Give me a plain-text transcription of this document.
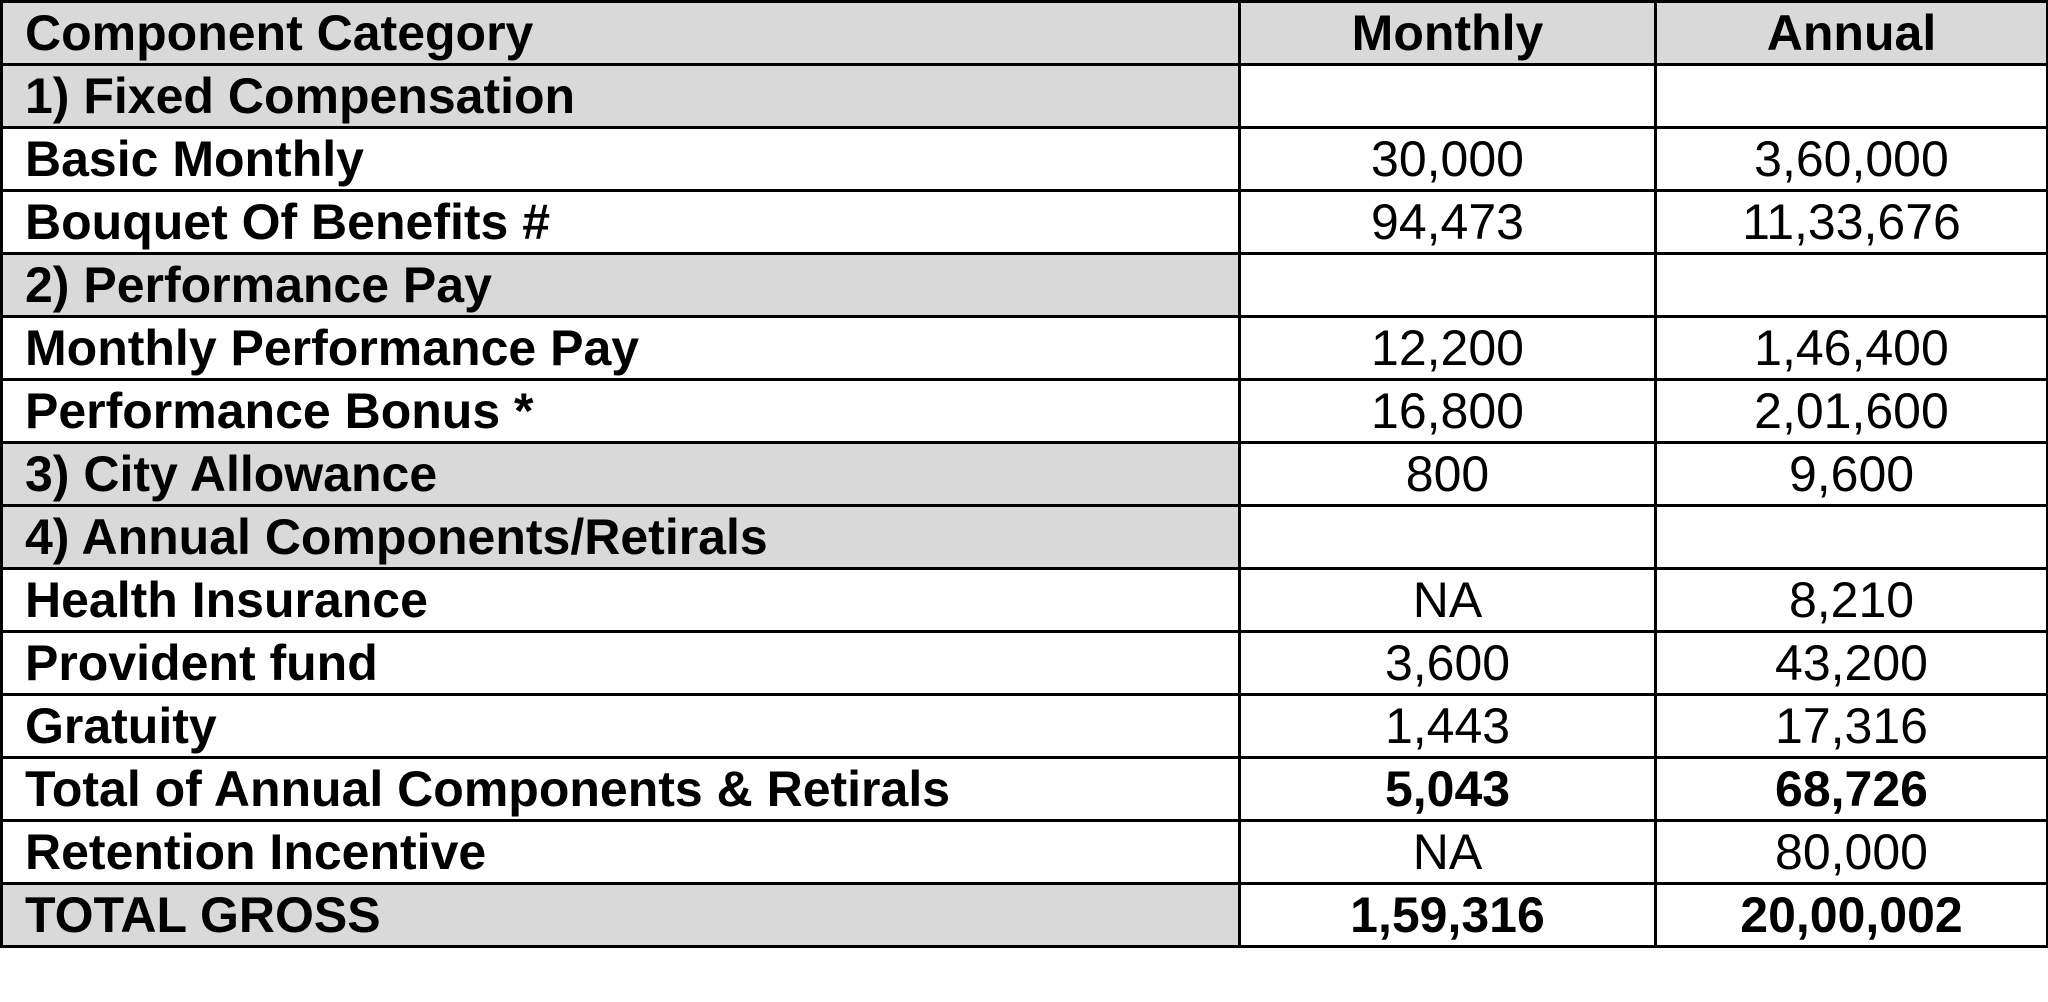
Component Category	Monthly	Annual
1) Fixed Compensation		
Basic Monthly	30,000	3,60,000
Bouquet Of Benefits #	94,473	11,33,676
2) Performance Pay		
Monthly Performance Pay	12,200	1,46,400
Performance Bonus *	16,800	2,01,600
3) City Allowance	800	9,600
4) Annual Components/Retirals		
Health Insurance	NA	8,210
Provident fund	3,600	43,200
Gratuity	1,443	17,316
Total of Annual Components & Retirals	5,043	68,726
Retention Incentive	NA	80,000
TOTAL GROSS	1,59,316	20,00,002
